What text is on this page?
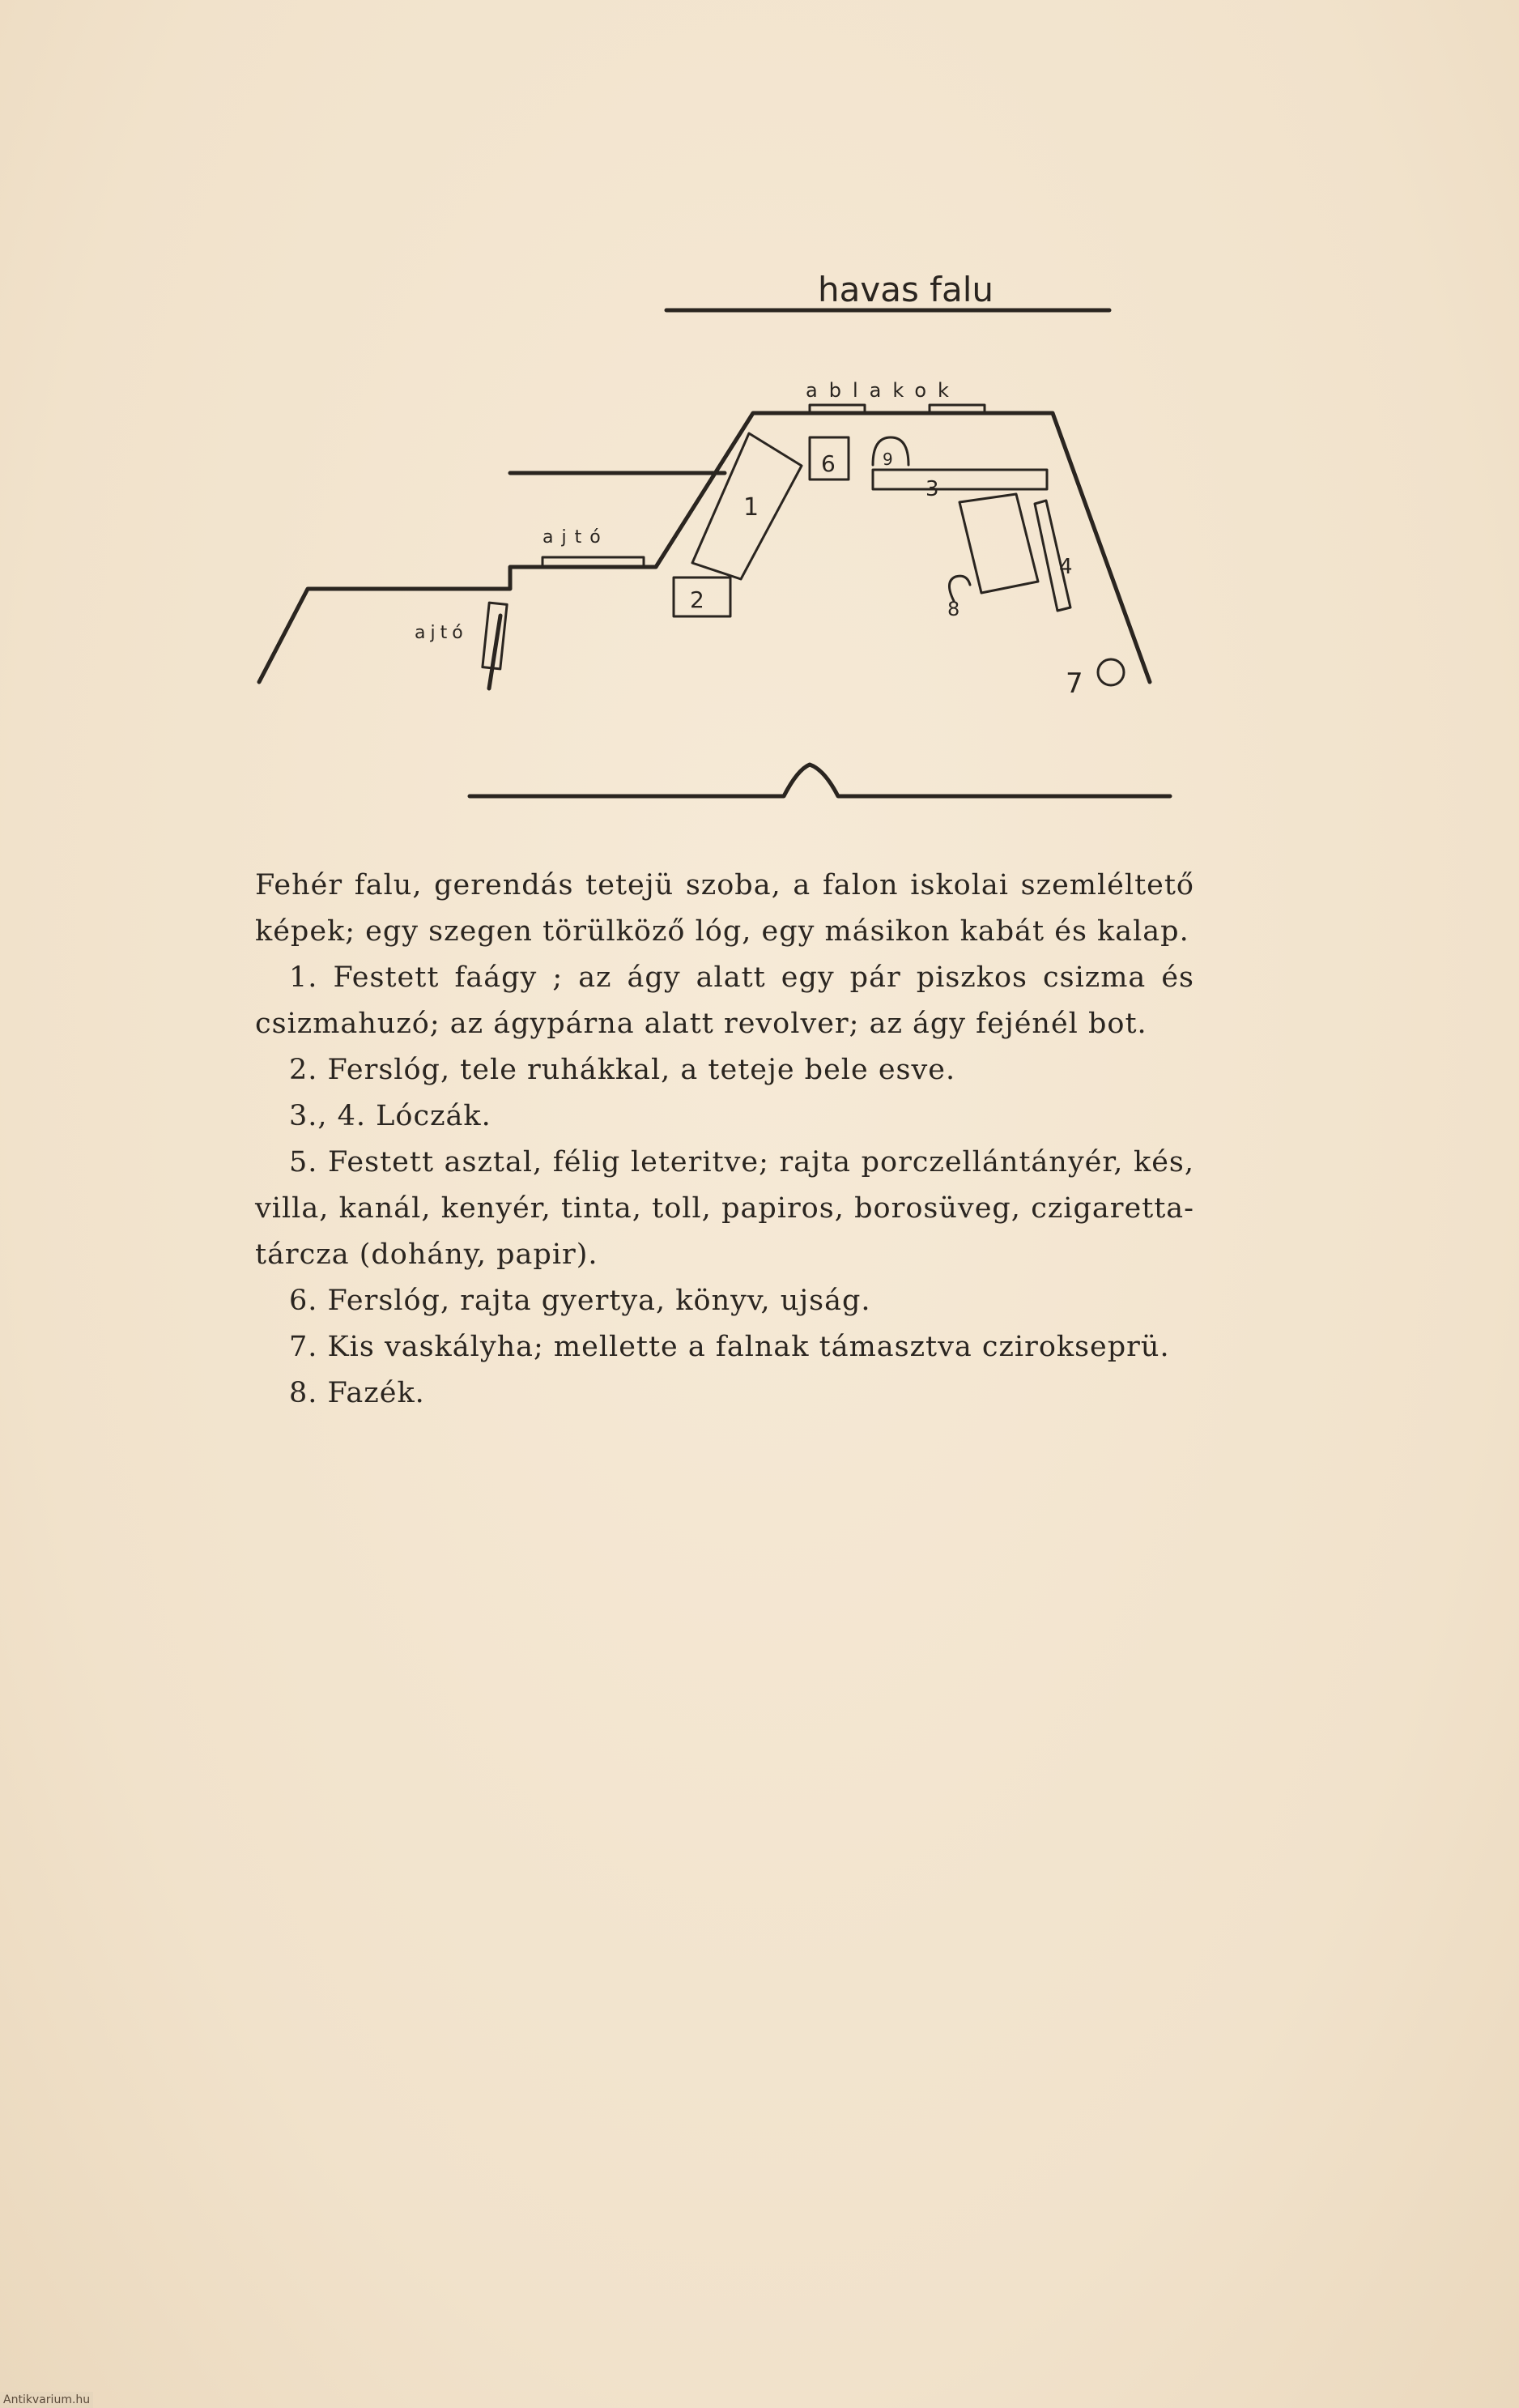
havas falu
ablakok
ajtó
ajtó
1
2
3
4
6
7
8
9

Fehér falu, gerendás tetejü szoba, a falon iskolai szemléltető képek; egy szegen törülköző lóg, egy másikon kabát és kalap.

1. Festett faágy ; az ágy alatt egy pár piszkos csizma és csizmahuzó; az ágypárna alatt revolver; az ágy fejénél bot.

2. Ferslóg, tele ruhákkal, a teteje bele esve.

3., 4. Lóczák.

5. Festett asztal, félig leteritve; rajta porczellántányér, kés, villa, kanál, kenyér, tinta, toll, papiros, borosüveg, czigaretta-tárcza (dohány, papir).

6. Ferslóg, rajta gyertya, könyv, ujság.

7. Kis vaskályha; mellette a falnak támasztva czirokseprü.

8. Fazék.

Antikvarium.hu
